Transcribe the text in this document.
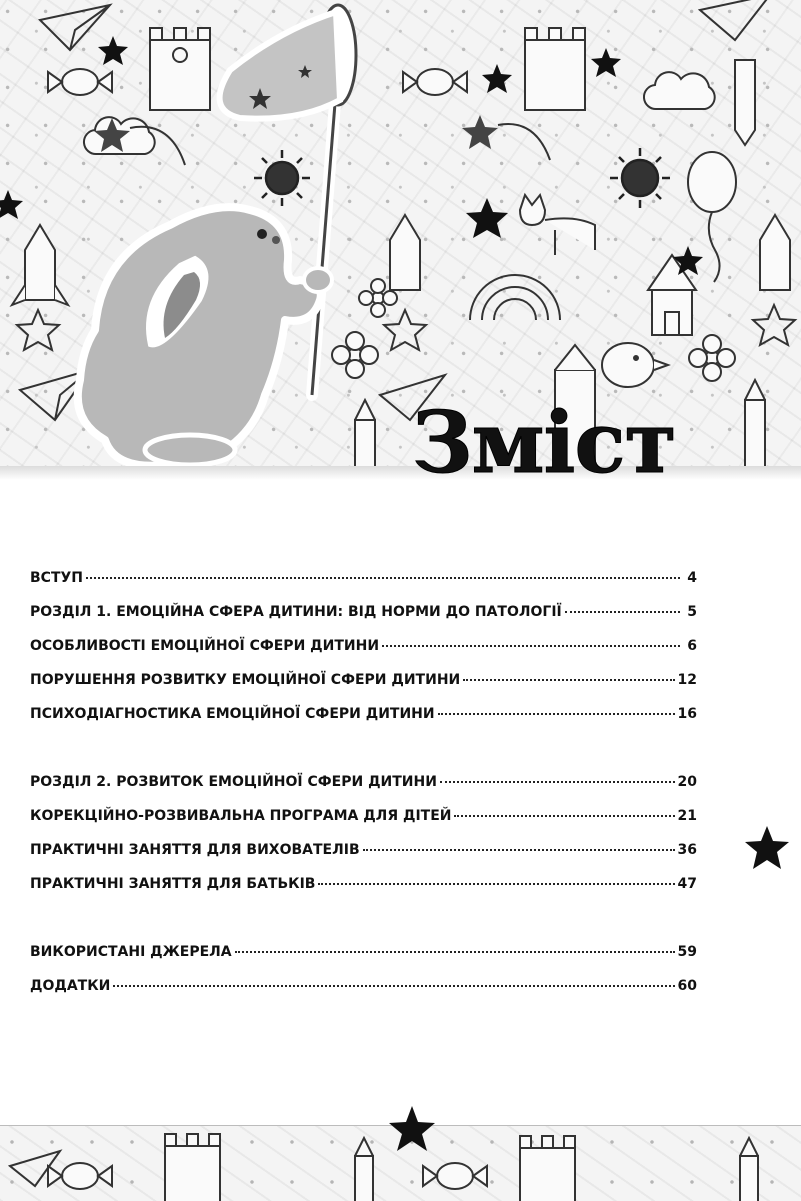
Зміст
ВСТУП	4
РОЗДІЛ 1. ЕМОЦІЙНА СФЕРА ДИТИНИ: ВІД НОРМИ ДО ПАТОЛОГІЇ	5
ОСОБЛИВОСТІ ЕМОЦІЙНОЇ СФЕРИ ДИТИНИ	6
ПОРУШЕННЯ РОЗВИТКУ ЕМОЦІЙНОЇ СФЕРИ ДИТИНИ	12
ПСИХОДІАГНОСТИКА ЕМОЦІЙНОЇ СФЕРИ ДИТИНИ	16
РОЗДІЛ 2. РОЗВИТОК ЕМОЦІЙНОЇ СФЕРИ ДИТИНИ	20
КОРЕКЦІЙНО-РОЗВИВАЛЬНА ПРОГРАМА ДЛЯ ДІТЕЙ	21
ПРАКТИЧНІ ЗАНЯТТЯ ДЛЯ ВИХОВАТЕЛІВ	36
ПРАКТИЧНІ ЗАНЯТТЯ ДЛЯ БАТЬКІВ	47
ВИКОРИСТАНІ ДЖЕРЕЛА	59
ДОДАТКИ	60
